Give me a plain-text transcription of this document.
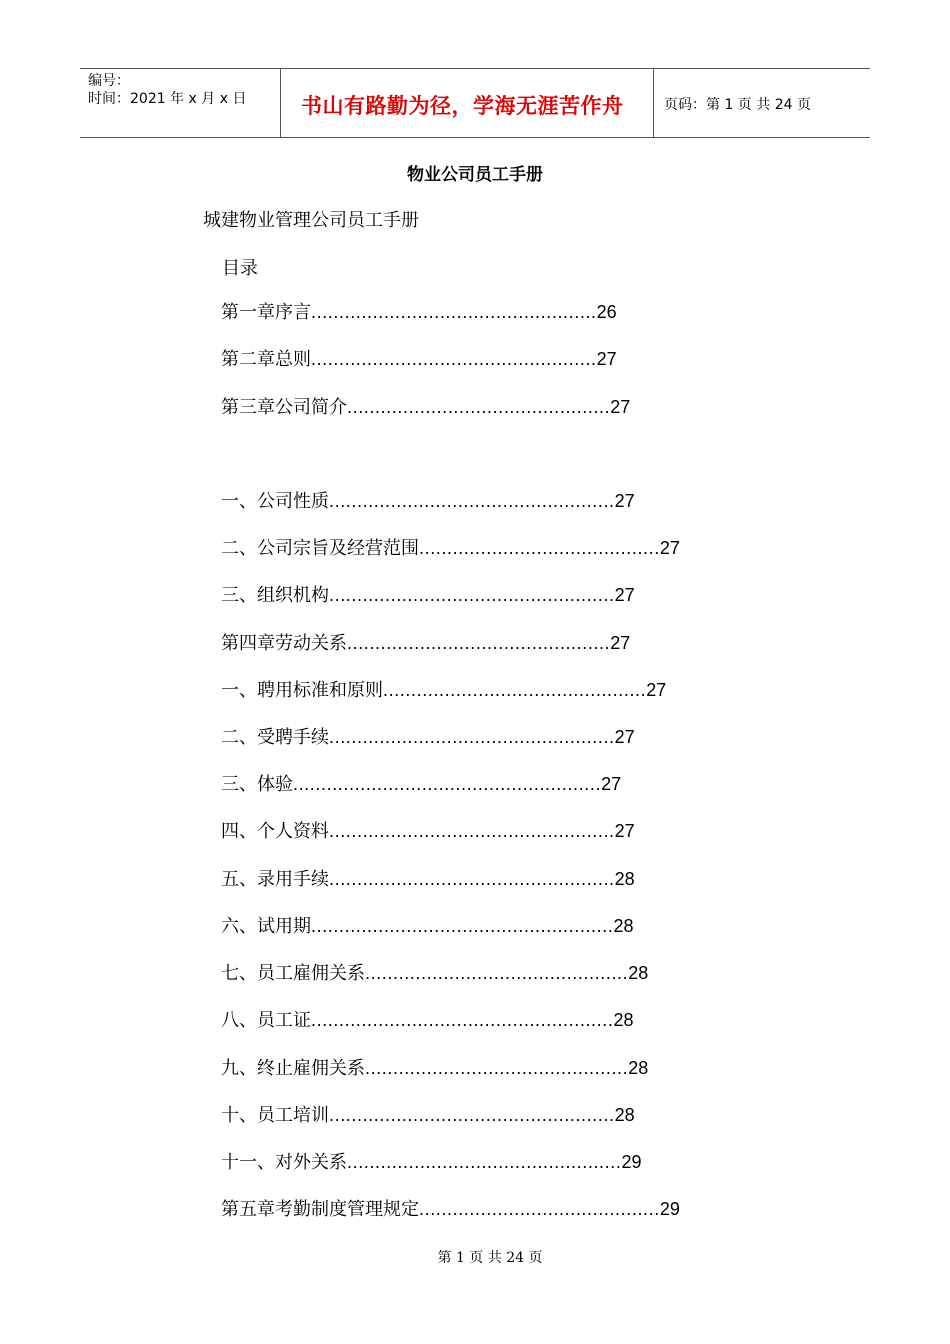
编号：
时间：2021 年 x 月 x 日	书山有路勤为径，学海无涯苦作舟	页码：第 1 页 共 24 页
物业公司员工手册
城建物业管理公司员工手册
目录
第一章序言...................................................26
第二章总则...................................................27
第三章公司简介...............................................27
一、公司性质...................................................27
二、公司宗旨及经营范围...........................................27
三、组织机构...................................................27
第四章劳动关系...............................................27
一、聘用标准和原则...............................................27
二、受聘手续...................................................27
三、体验.......................................................27
四、个人资料...................................................27
五、录用手续...................................................28
六、试用期......................................................28
七、员工雇佣关系...............................................28
八、员工证......................................................28
九、终止雇佣关系...............................................28
十、员工培训...................................................28
十一、对外关系.................................................29
第五章考勤制度管理规定...........................................29
第 1 页 共 24 页
